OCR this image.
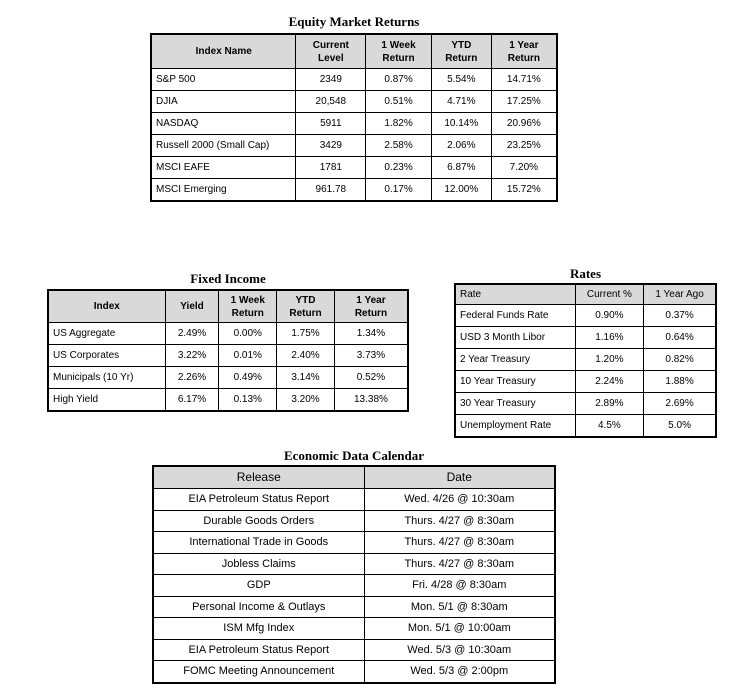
Equity Market Returns
Index Name	Current Level	1 Week Return	YTD Return	1 Year Return
S&P 500	2349	0.87%	5.54%	14.71%
DJIA	20,548	0.51%	4.71%	17.25%
NASDAQ	5911	1.82%	10.14%	20.96%
Russell 2000 (Small Cap)	3429	2.58%	2.06%	23.25%
MSCI EAFE	1781	0.23%	6.87%	7.20%
MSCI Emerging	961.78	0.17%	12.00%	15.72%
Fixed Income
Index	Yield	1 Week Return	YTD Return	1 Year Return
US Aggregate	2.49%	0.00%	1.75%	1.34%
US Corporates	3.22%	0.01%	2.40%	3.73%
Municipals (10 Yr)	2.26%	0.49%	3.14%	0.52%
High Yield	6.17%	0.13%	3.20%	13.38%
Rates
Rate	Current %	1 Year Ago
Federal Funds Rate	0.90%	0.37%
USD 3 Month Libor	1.16%	0.64%
2 Year Treasury	1.20%	0.82%
10 Year Treasury	2.24%	1.88%
30 Year Treasury	2.89%	2.69%
Unemployment Rate	4.5%	5.0%
Economic Data Calendar
Release	Date
EIA Petroleum Status Report	Wed. 4/26 @ 10:30am
Durable Goods Orders	Thurs. 4/27 @ 8:30am
International Trade in Goods	Thurs. 4/27 @ 8:30am
Jobless Claims	Thurs. 4/27 @ 8:30am
GDP	Fri. 4/28 @ 8:30am
Personal Income & Outlays	Mon. 5/1 @ 8:30am
ISM Mfg Index	Mon. 5/1 @ 10:00am
EIA Petroleum Status Report	Wed. 5/3 @ 10:30am
FOMC Meeting Announcement	Wed. 5/3 @ 2:00pm
